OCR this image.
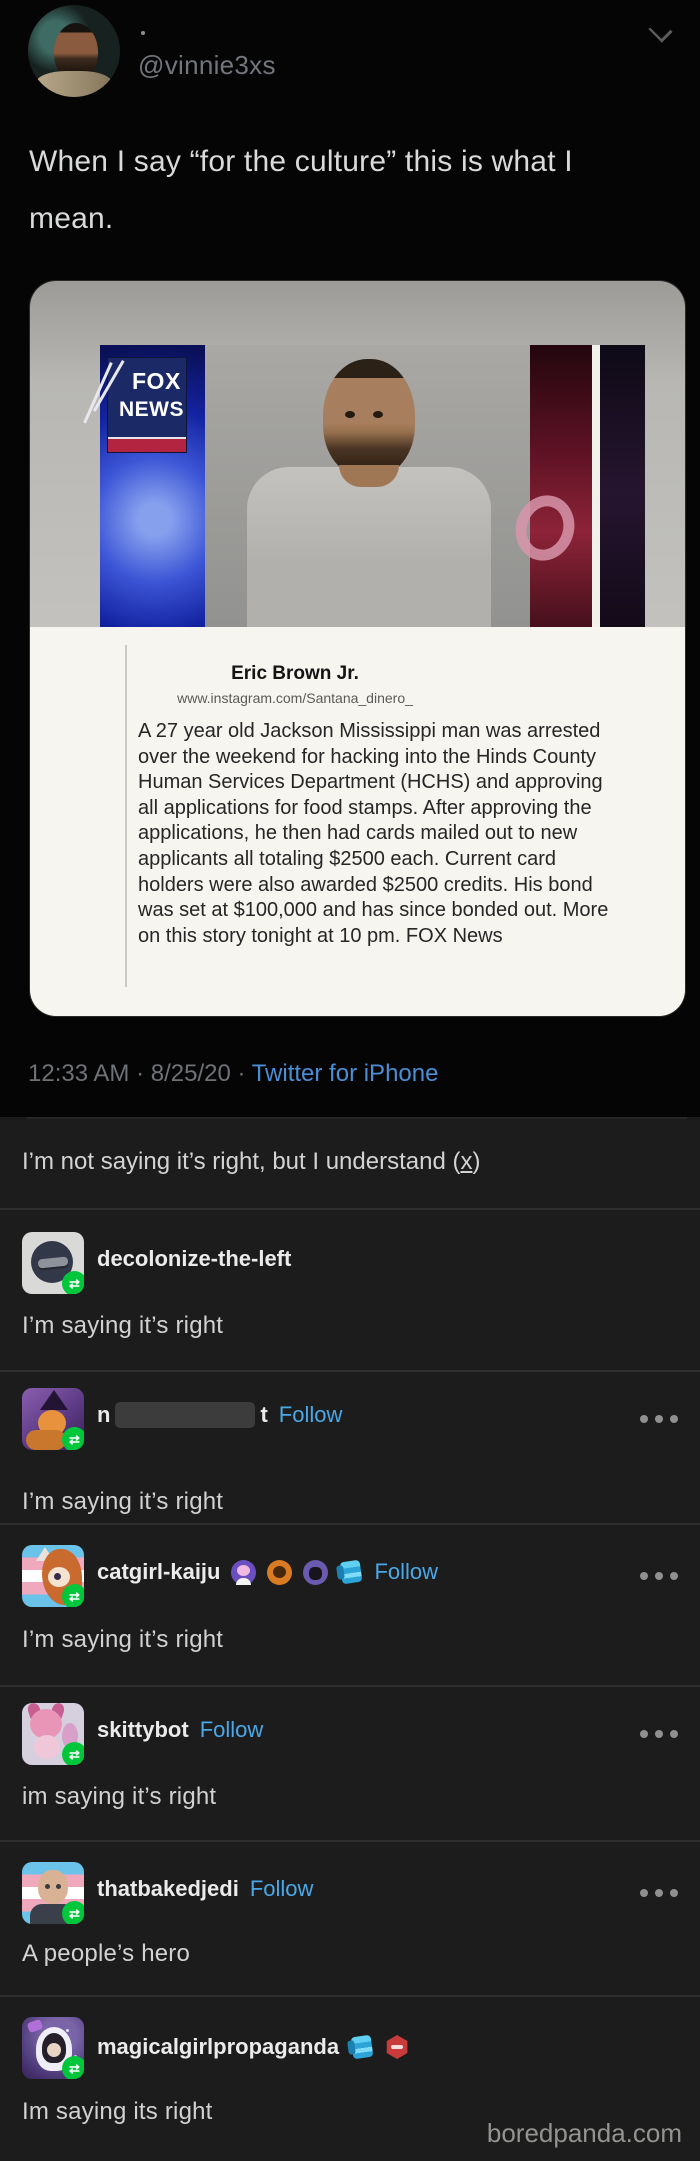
@vinnie3xs
When I say “for the culture” this is what I mean.
FOX
NEWS
Eric Brown Jr.
www.instagram.com/Santana_dinero_
A 27 year old Jackson Mississippi man was arrested over the weekend for hacking into the Hinds County Human Services Department (HCHS) and approving all applications for food stamps. After approving the applications, he then had cards mailed out to new applicants all totaling $2500 each. Current card holders were also awarded $2500 credits. His bond was set at $100,000 and has since bonded out. More on this story tonight at 10 pm. FOX News
12:33 AM · 8/25/20 · Twitter for iPhone
I’m not saying it’s right, but I understand (x)
⇄
decolonize-the-left
I’m saying it’s right
⇄
n	t Follow
I’m saying it’s right
⇄
catgirl-kaiju	Follow
I’m saying it’s right
⇄
skittybot Follow
im saying it’s right
⇄
thatbakedjedi Follow
A people’s hero
⇄
magicalgirlpropaganda
Im saying its right
boredpanda.com
